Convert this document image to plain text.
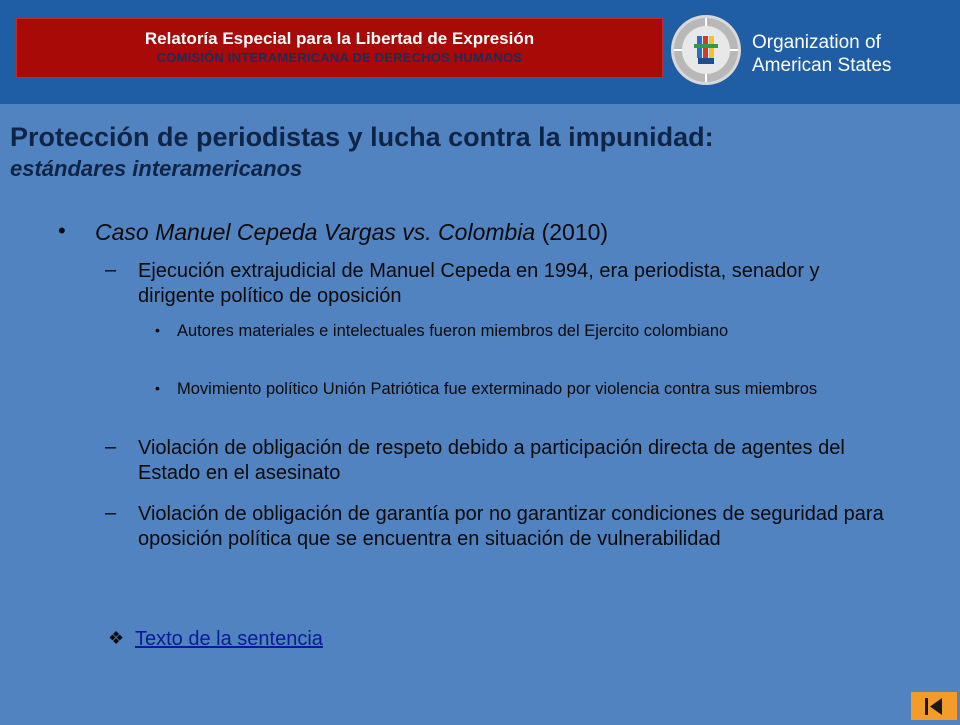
Relatoría Especial para la Libertad de Expresión
COMISIÓN INTERAMERICANA DE DERECHOS HUMANOS
Organization of
American States
Protección de periodistas y lucha contra la impunidad:
estándares interamericanos
• Caso Manuel Cepeda Vargas vs. Colombia (2010)
– Ejecución extrajudicial de Manuel Cepeda en 1994, era periodista, senador y dirigente político de oposición
• Autores materiales e intelectuales fueron miembros del Ejercito colombiano
• Movimiento político Unión Patriótica fue exterminado por violencia contra sus miembros
– Violación de obligación de respeto debido a participación directa de agentes del Estado en el asesinato
– Violación de obligación de garantía por no garantizar condiciones de seguridad para oposición política que se encuentra en situación de vulnerabilidad
❖ Texto de la sentencia
